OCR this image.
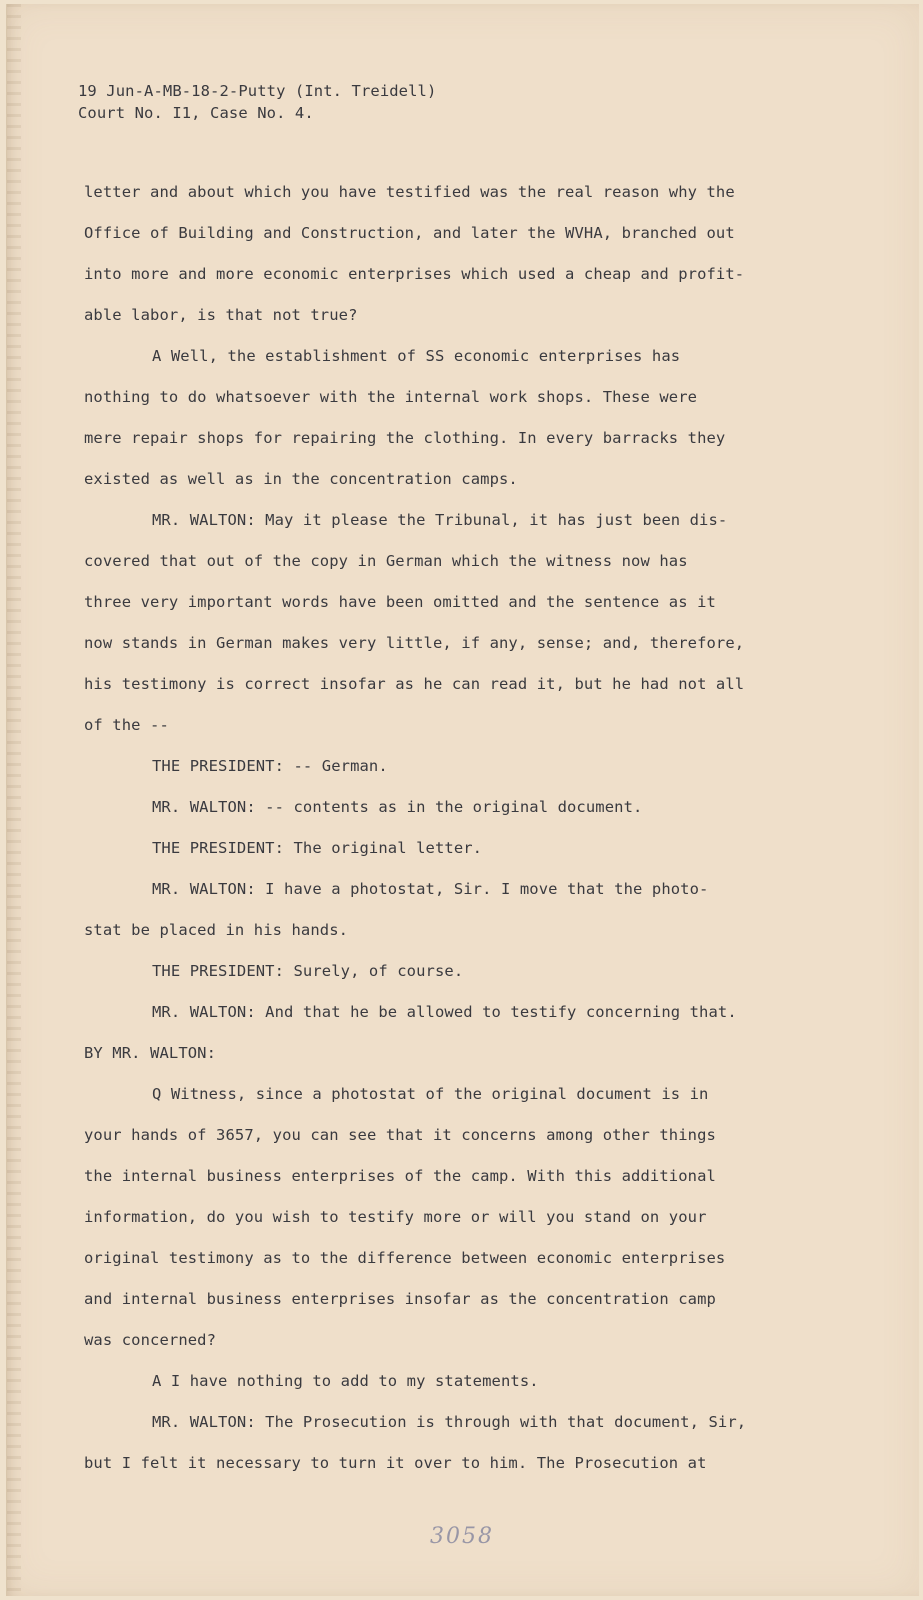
19 Jun-A-MB-18-2-Putty (Int. Treidell)
Court No. I1, Case No. 4.
letter and about which you have testified was the real reason why the
Office of Building and Construction, and later the WVHA, branched out
into more and more economic enterprises which used a cheap and profit-
able labor, is that not true?
A Well, the establishment of SS economic enterprises has
nothing to do whatsoever with the internal work shops. These were
mere repair shops for repairing the clothing. In every barracks they
existed as well as in the concentration camps.
MR. WALTON: May it please the Tribunal, it has just been dis-
covered that out of the copy in German which the witness now has
three very important words have been omitted and the sentence as it
now stands in German makes very little, if any, sense; and, therefore,
his testimony is correct insofar as he can read it, but he had not all
of the --
THE PRESIDENT: -- German.
MR. WALTON: -- contents as in the original document.
THE PRESIDENT: The original letter.
MR. WALTON: I have a photostat, Sir. I move that the photo-
stat be placed in his hands.
THE PRESIDENT: Surely, of course.
MR. WALTON: And that he be allowed to testify concerning that.
BY MR. WALTON:
Q Witness, since a photostat of the original document is in
your hands of 3657, you can see that it concerns among other things
the internal business enterprises of the camp. With this additional
information, do you wish to testify more or will you stand on your
original testimony as to the difference between economic enterprises
and internal business enterprises insofar as the concentration camp
was concerned?
A I have nothing to add to my statements.
MR. WALTON: The Prosecution is through with that document, Sir,
but I felt it necessary to turn it over to him. The Prosecution at
3058
